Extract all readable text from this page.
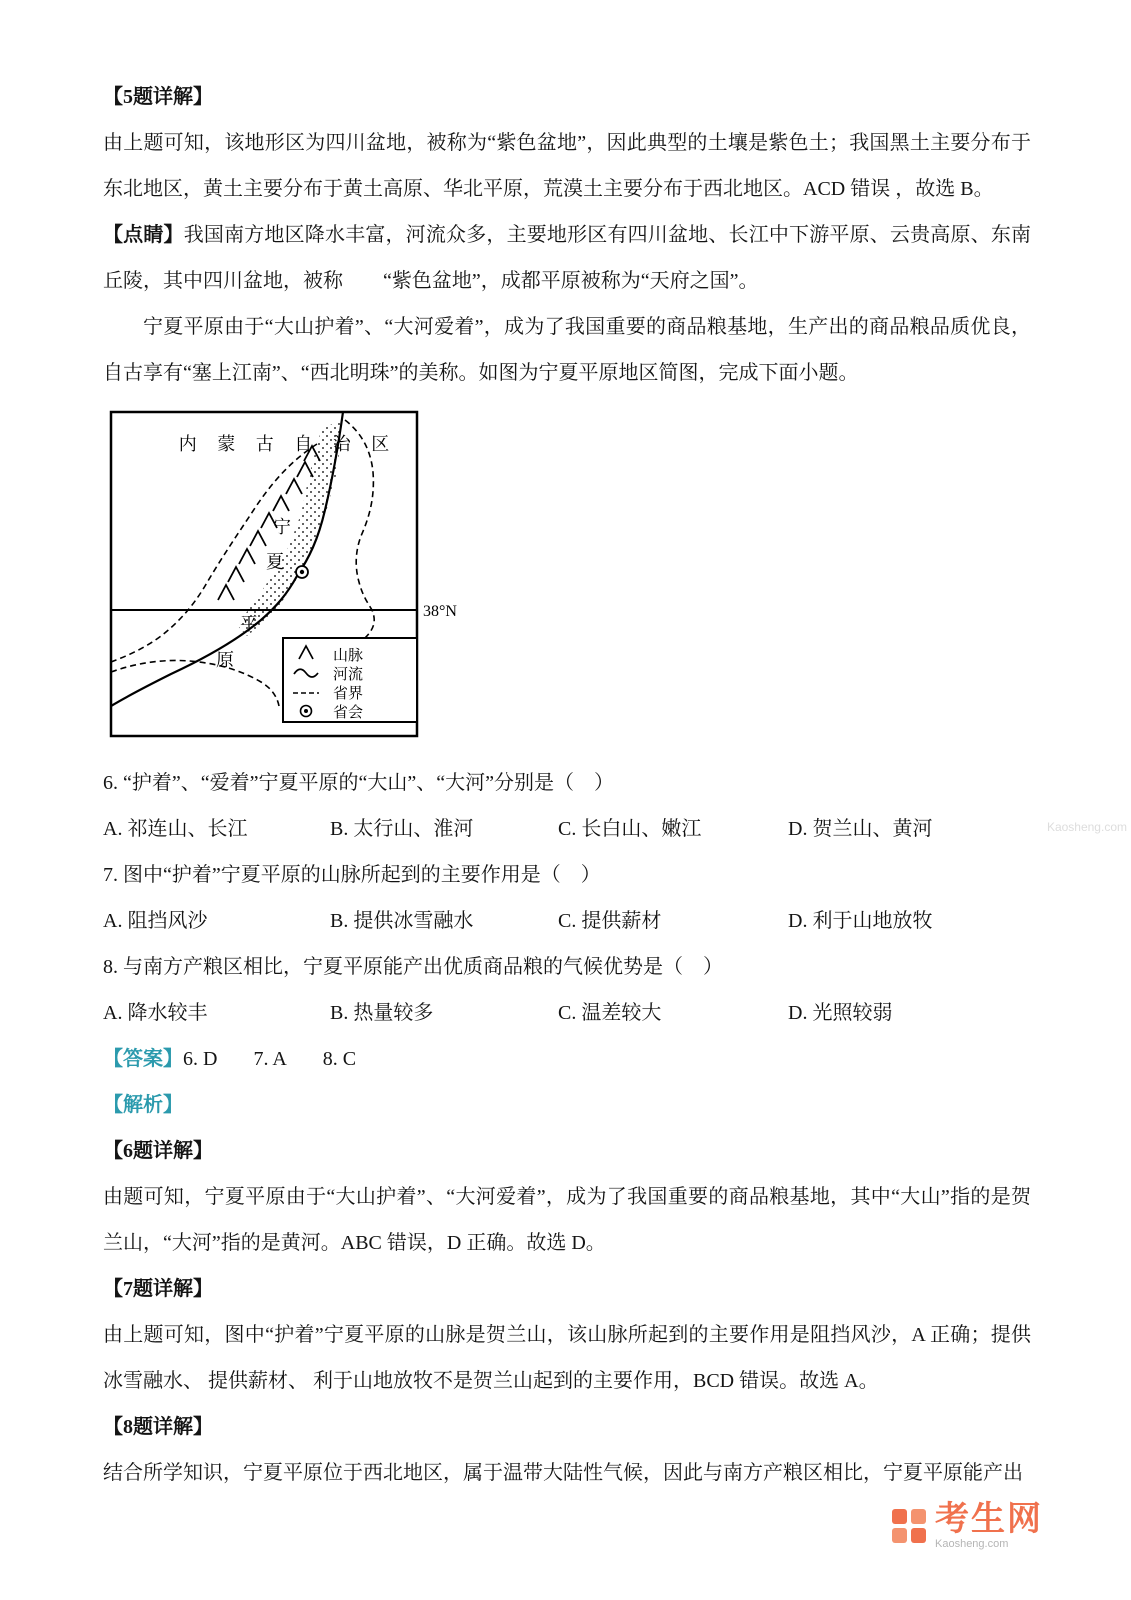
【5题详解】

由上题可知，该地形区为四川盆地，被称为“紫色盆地”，因此典型的土壤是紫色土；我国黑土主要分布于东北地区，黄土主要分布于黄土高原、华北平原，荒漠土主要分布于西北地区。ACD 错误 ，故选 B。

【点睛】我国南方地区降水丰富，河流众多，主要地形区有四川盆地、长江中下游平原、云贵高原、东南丘陵，其中四川盆地，被称　　“紫色盆地”，成都平原被称为“天府之国”。

宁夏平原由于“大山护着”、“大河爱着”，成为了我国重要的商品粮基地，生产出的商品粮品质优良，自古享有“塞上江南”、“西北明珠”的美称。如图为宁夏平原地区简图，完成下面小题。

38°N
内 蒙 古 自 治 区
宁
夏
平
原	山脉
河流
省界
省会

6. “护着”、“爱着”宁夏平原的“大山”、“大河”分别是（　）

A. 祁连山、长江	B. 太行山、淮河	C. 长白山、嫩江	D. 贺兰山、黄河

7. 图中“护着”宁夏平原的山脉所起到的主要作用是（　）

A. 阻挡风沙	B. 提供冰雪融水	C. 提供薪材	D. 利于山地放牧

8. 与南方产粮区相比，宁夏平原能产出优质商品粮的气候优势是（　）

A. 降水较丰	B. 热量较多	C. 温差较大	D. 光照较弱

【答案】6. D 7. A 8. C

【解析】

【6题详解】

由题可知，宁夏平原由于“大山护着”、“大河爱着”，成为了我国重要的商品粮基地，其中“大山”指的是贺兰山，“大河”指的是黄河。ABC 错误，D 正确。故选 D。

【7题详解】

由上题可知，图中“护着”宁夏平原的山脉是贺兰山，该山脉所起到的主要作用是阻挡风沙，A 正确；提供冰雪融水、 提供薪材、 利于山地放牧不是贺兰山起到的主要作用，BCD 错误。故选 A。

【8题详解】

结合所学知识，宁夏平原位于西北地区，属于温带大陆性气候，因此与南方产粮区相比，宁夏平原能产出

Kaosheng.com
考生网
Kaosheng.com
